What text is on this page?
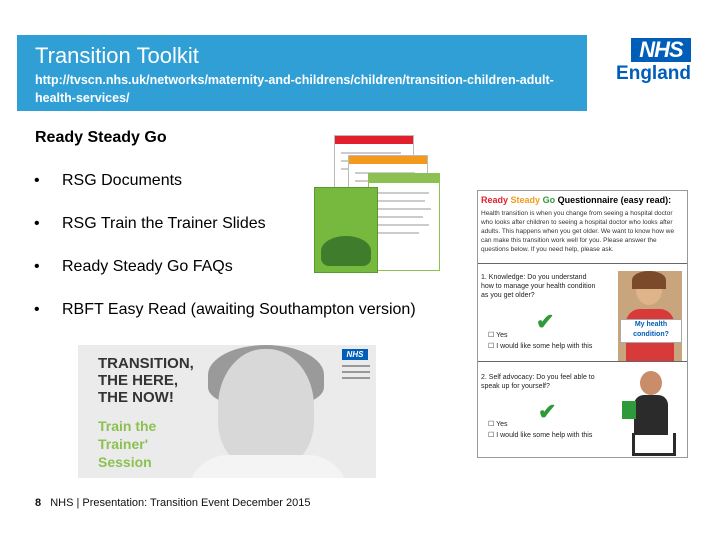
Transition Toolkit
http://tvscn.nhs.uk/networks/maternity-and-childrens/children/transition-children-adult-health-services/
NHS
England
Ready Steady Go
• RSG Documents
• RSG Train the Trainer Slides
• Ready Steady Go FAQs
• RBFT Easy Read (awaiting Southampton version)
Ready Steady Go Questionnaire (easy read):
Health transition is when you change from seeing a hospital doctor who looks after children to seeing a hospital doctor who looks after adults. This happens when you get older. We want to know how we can make this transition work well for you. Please answer the questions below. If you need help, please ask.
1. Knowledge: Do you understand how to manage your health condition as you get older?
☐ Yes
☐ I would like some help with this
✔	My health condition?
2. Self advocacy: Do you feel able to speak up for yourself?
☐ Yes
☐ I would like some help with this
✔
TRANSITION, THE HERE, THE NOW!
Train the Trainer' Session
NHS
8 NHS | Presentation: Transition Event December 2015
